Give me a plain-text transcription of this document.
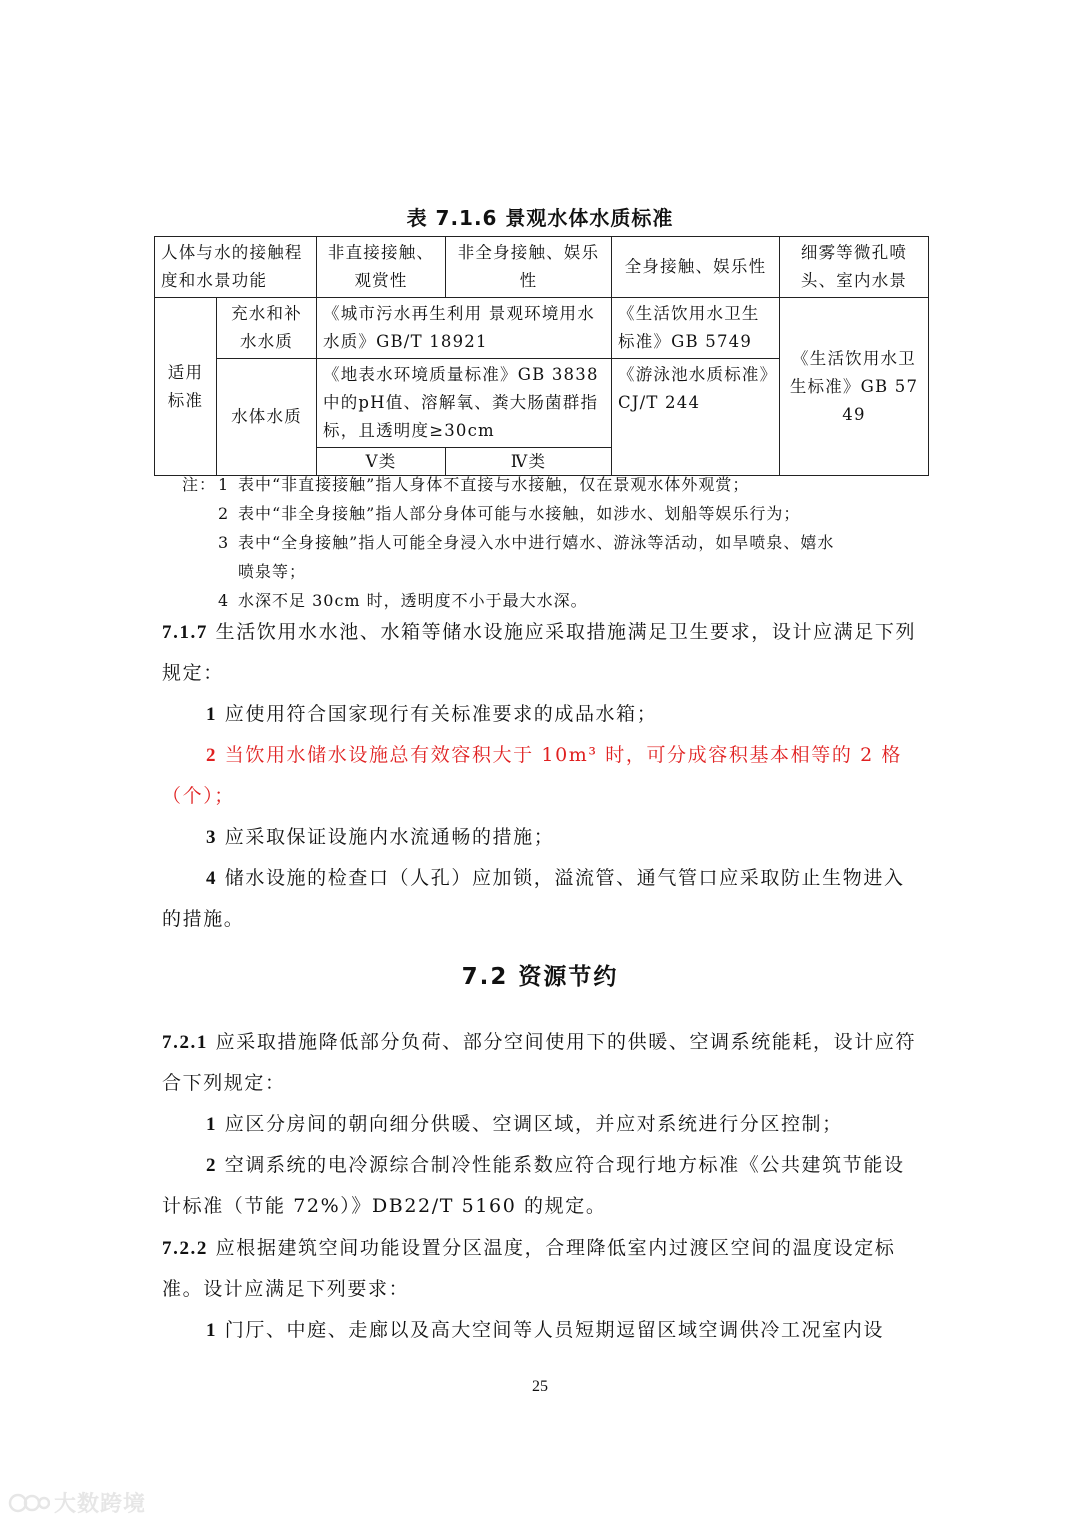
表 7.1.6 景观水体水质标准
人体与水的接触程度和水景功能		非直接接触、观赏性	非全身接触、娱乐性	全身接触、娱乐性	细雾等微孔喷头、室内水景
适用标准	充水和补水水质	《城市污水再生利用 景观环境用水水质》GB/T 18921		《生活饮用水卫生标准》GB 5749	《生活饮用水卫生标准》GB 5749
	水体水质	《地表水环境质量标准》GB 3838中的pH值、溶解氧、粪大肠菌群指标，且透明度≥30cm		《游泳池水质标准》CJ/T 244	
		Ⅴ类	Ⅳ类		
注： 1 表中“非直接接触”指人身体不直接与水接触，仅在景观水体外观赏；
2 表中“非全身接触”指人部分身体可能与水接触，如涉水、划船等娱乐行为；
3 表中“全身接触”指人可能全身浸入水中进行嬉水、游泳等活动，如旱喷泉、嬉水
喷泉等；
4 水深不足 30cm 时，透明度不小于最大水深。

7.1.7 生活饮用水水池、水箱等储水设施应采取措施满足卫生要求，设计应满足下列规定：

1 应使用符合国家现行有关标准要求的成品水箱；

2 当饮用水储水设施总有效容积大于 10m³ 时，可分成容积基本相等的 2 格（个）；

3 应采取保证设施内水流通畅的措施；

4 储水设施的检查口（人孔）应加锁，溢流管、通气管口应采取防止生物进入的措施。

7.2 资源节约

7.2.1 应采取措施降低部分负荷、部分空间使用下的供暖、空调系统能耗，设计应符合下列规定：

1 应区分房间的朝向细分供暖、空调区域，并应对系统进行分区控制；

2 空调系统的电冷源综合制冷性能系数应符合现行地方标准《公共建筑节能设计标准（节能 72%）》DB22/T 5160 的规定。

7.2.2 应根据建筑空间功能设置分区温度，合理降低室内过渡区空间的温度设定标准。设计应满足下列要求：

1 门厅、中庭、走廊以及高大空间等人员短期逗留区域空调供冷工况室内设

25
大数跨境
